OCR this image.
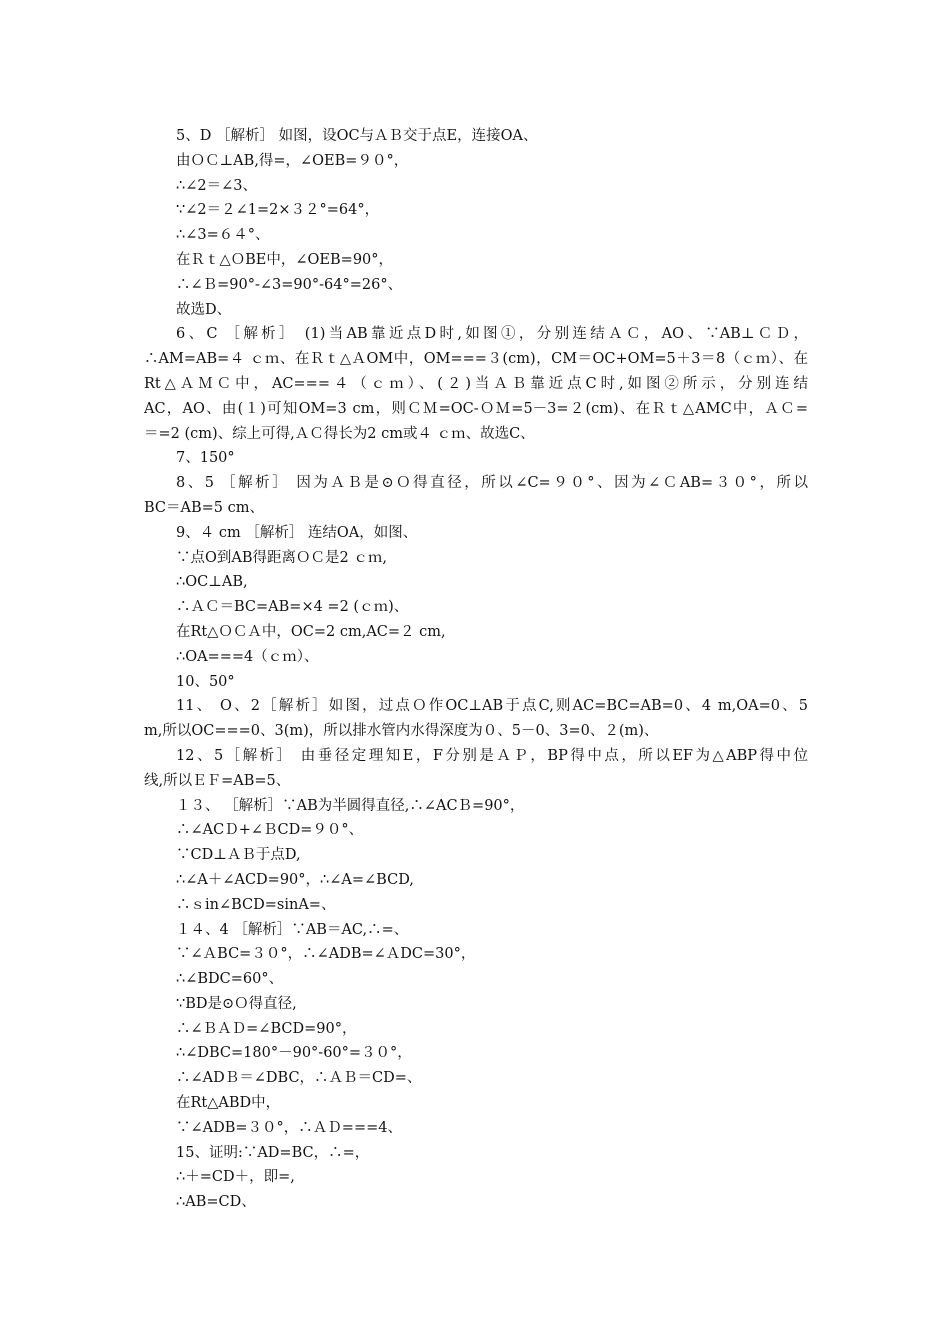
5、D ［解析］ 如图，设OC与ＡＢ交于点E，连接OA、
由ＯＣ⊥AB,得=，∠OEB=９０°，
∴∠2＝∠3、
∵∠2＝２∠1=2×３２°=64°，
∴∠3=６４°、
在Ｒｔ△ＯBE中，∠OEB=90°，
∴∠Ｂ=90°-∠3=90°-64°=26°、
故选D、
6、C ［解析］ (1)当AB靠近点D时,如图①，分别连结ＡＣ，AO、∵AB⊥ＣＤ，
∴AM=AB=４ ｃｍ、在Ｒｔ△ＡOM中，OM===３(cm)，CM＝OC+OM=5＋3＝8（ｃｍ）、在
Rt△ＡＭＣ中，AC===４（ｃｍ）、(２)当ＡＢ靠近点C时,如图②所示，分别连结
AC，AO、由(１)可知OM=3 cm，则ＣＭ=OC-ＯＭ=5－3=２(cm)、在Ｒｔ△AMC中，ＡＣ=
＝=2 (cm)、综上可得,ＡＣ得长为2 cm或４ ｃｍ、故选C、
7、150°
8、5 ［解析］ 因为ＡＢ是⊙Ｏ得直径，所以∠C=９０°、因为∠ＣAB=３０°，所以
BC＝AB=5 cm、
9、４ cm ［解析］ 连结OA，如图、
∵点O到AB得距离ＯＣ是2 ｃｍ,
∴OC⊥AB,
∴ＡＣ＝BC=AB=×4 =2 (ｃｍ)、
在Rt△ＯＣＡ中，OC=2 cm,AC=２ cm,
∴OA===4（ｃｍ）、
10、50°
11、 O、2［解析］如图，过点Ｏ作OC⊥AB于点C,则AC=BC=AB=0、4 m,OA=0、5
m,所以OC===0、3(m)，所以排水管内水得深度为０、5－0、3=0、２(m)、
12、5［解析］ 由垂径定理知E，F分别是ＡＰ，BP得中点，所以EF为△ABP得中位
线,所以ＥＦ=AB=5、
１３、 ［解析］∵AB为半圆得直径,∴∠ACＢ=90°，
∴∠ACＤ+∠ＢCD=９０°、
∵CD⊥ＡＢ于点D,
∴∠A＋∠ACD=90°，∴∠A=∠BCD,
∴ｓin∠BCD=sinA=、
１４、4 ［解析］∵AB＝AC,∴=、
∵∠ＡBC=３０°，∴∠ADB=∠ＡDC=30°，
∴∠BDC=60°、
∵BD是⊙Ｏ得直径,
∴∠ＢＡＤ=∠BCD=90°，
∴∠DBC=180°－90°-60°=３０°，
∴∠ADＢ＝∠DBC，∴ＡＢ＝CD=、
在Rt△ABD中，
∵∠ADB=３０°，∴ＡＤ===4、
15、证明:∵AD=BC，∴=，
∴＋=CD＋，即=,
∴AB=CD、
